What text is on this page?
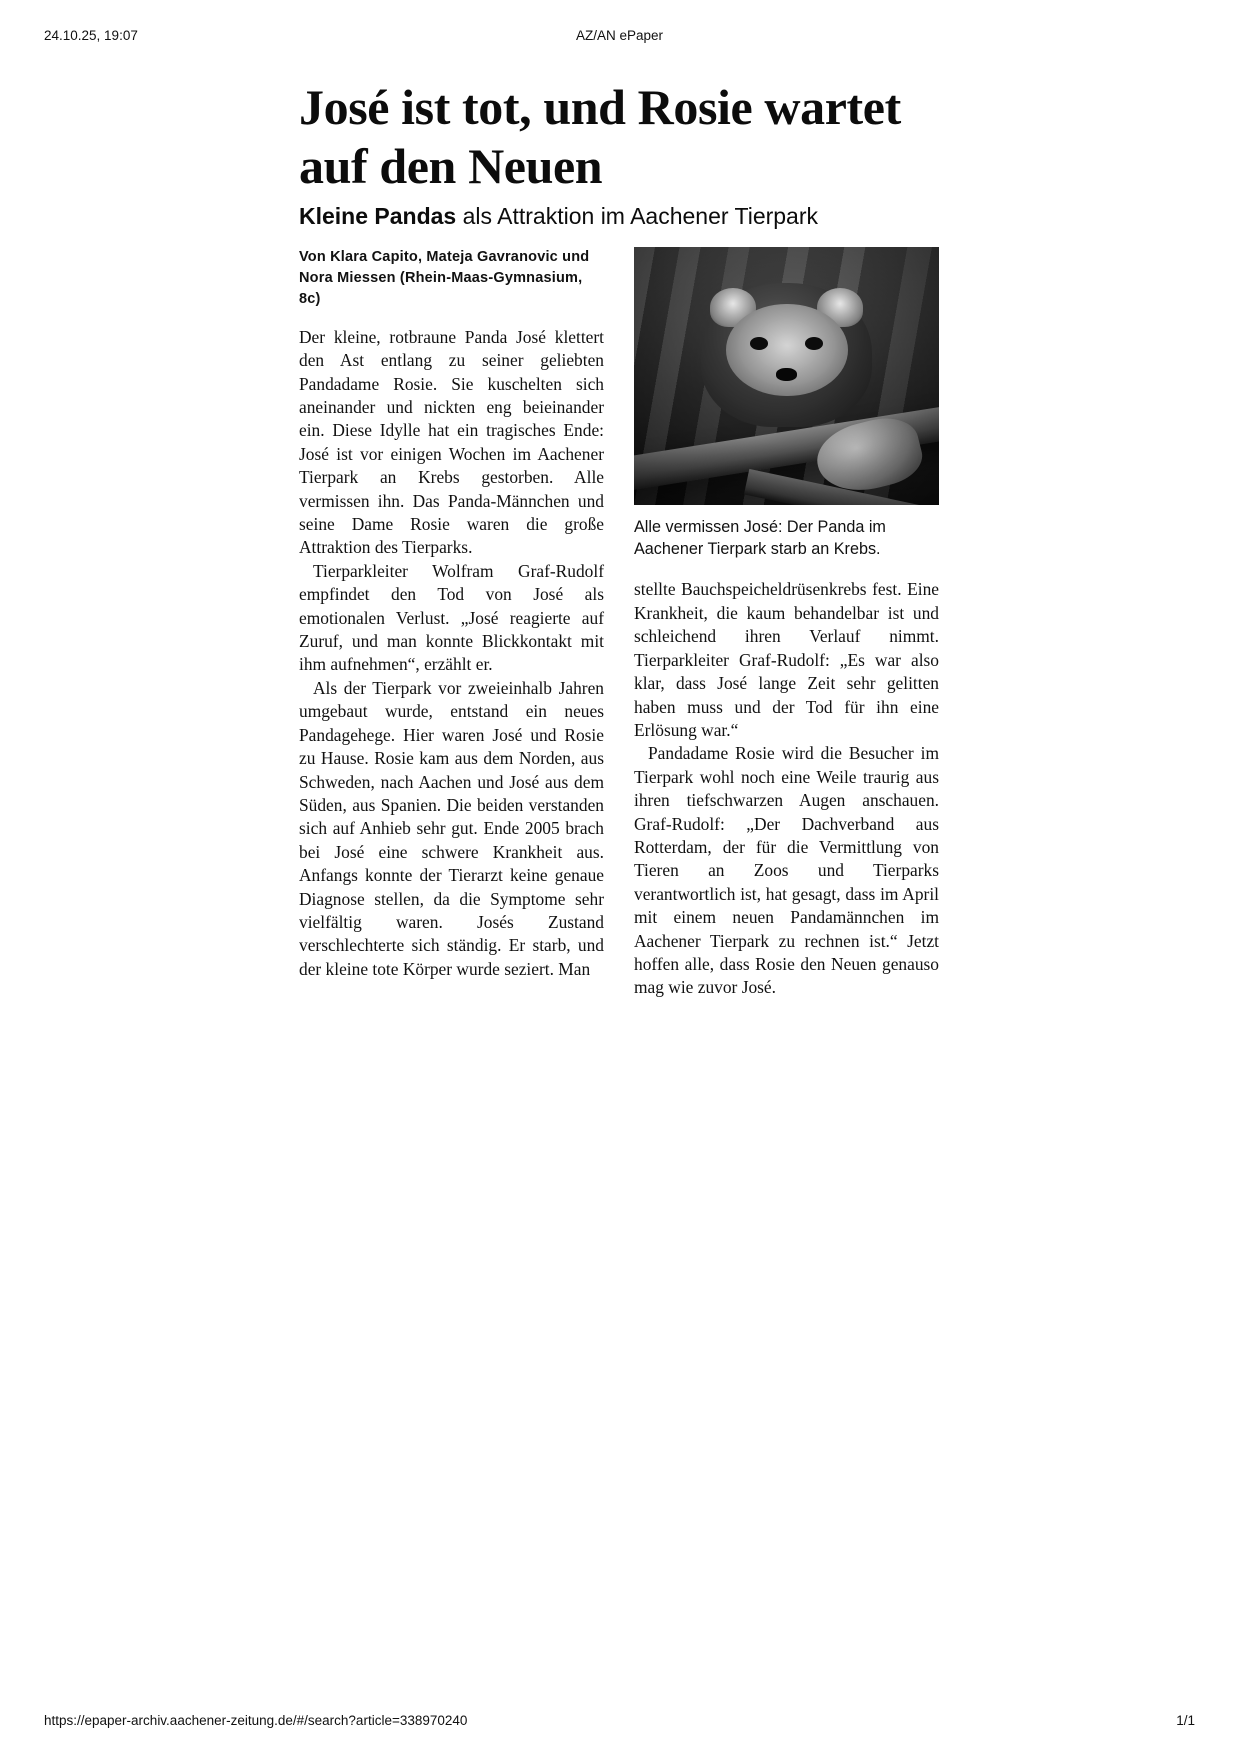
24.10.25, 19:07	AZ/AN ePaper
José ist tot, und Rosie wartet auf den Neuen
Kleine Pandas als Attraktion im Aachener Tierpark
Von Klara Capito, Mateja Gavranovic und Nora Miessen (Rhein-Maas-Gymnasium, 8c)

Der kleine, rotbraune Panda José klettert den Ast entlang zu seiner geliebten Pandadame Rosie. Sie kuschelten sich aneinander und nickten eng beieinander ein. Diese Idylle hat ein tragisches Ende: José ist vor einigen Wochen im Aachener Tierpark an Krebs gestorben. Alle vermissen ihn. Das Panda-Männchen und seine Dame Rosie waren die große Attraktion des Tierparks.

Tierparkleiter Wolfram Graf-Rudolf empfindet den Tod von José als emotionalen Verlust. „José reagierte auf Zuruf, und man konnte Blickkontakt mit ihm aufnehmen“, erzählt er.

Als der Tierpark vor zweieinhalb Jahren umgebaut wurde, entstand ein neues Pandagehege. Hier waren José und Rosie zu Hause. Rosie kam aus dem Norden, aus Schweden, nach Aachen und José aus dem Süden, aus Spanien. Die beiden verstanden sich auf Anhieb sehr gut. Ende 2005 brach bei José eine schwere Krankheit aus. Anfangs konnte der Tierarzt keine genaue Diagnose stellen, da die Symptome sehr vielfältig waren. Josés Zustand verschlechterte sich ständig. Er starb, und der kleine tote Körper wurde seziert. Man

Alle vermissen José: Der Panda im Aachener Tierpark starb an Krebs.

stellte Bauchspeicheldrüsenkrebs fest. Eine Krankheit, die kaum behandelbar ist und schleichend ihren Verlauf nimmt. Tierparkleiter Graf-Rudolf: „Es war also klar, dass José lange Zeit sehr gelitten haben muss und der Tod für ihn eine Erlösung war.“

Pandadame Rosie wird die Besucher im Tierpark wohl noch eine Weile traurig aus ihren tiefschwarzen Augen anschauen. Graf-Rudolf: „Der Dachverband aus Rotterdam, der für die Vermittlung von Tieren an Zoos und Tierparks verantwortlich ist, hat gesagt, dass im April mit einem neuen Pandamännchen im Aachener Tierpark zu rechnen ist.“ Jetzt hoffen alle, dass Rosie den Neuen genauso mag wie zuvor José.

https://epaper-archiv.aachener-zeitung.de/#/search?article=338970240	1/1
